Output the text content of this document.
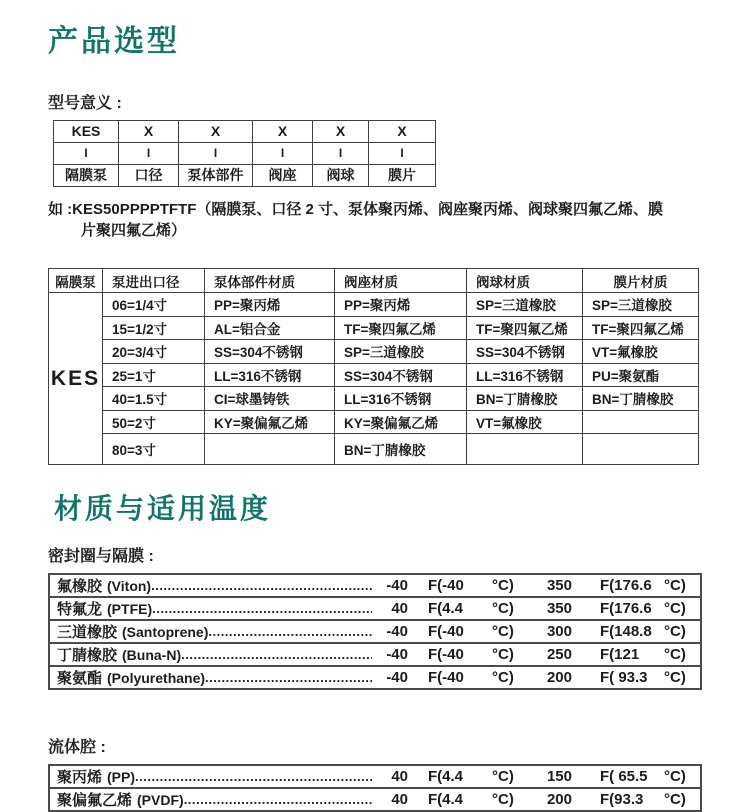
产品选型
型号意义 :
KES	X	X	X	X	X
I	I	I	I	I	I
隔膜泵	口径	泵体部件	阀座	阀球	膜片
如 :KES50PPPPTFTF（隔膜泵、口径 2 寸、泵体聚丙烯、阀座聚丙烯、阀球聚四氟乙烯、膜
片聚四氟乙烯）
隔膜泵	泵进出口径	泵体部件材质	阀座材质	阀球材质	膜片材质
KES	06=1/4寸	PP=聚丙烯	PP=聚丙烯	SP=三道橡胶	SP=三道橡胶
	15=1/2寸	AL=铝合金	TF=聚四氟乙烯	TF=聚四氟乙烯	TF=聚四氟乙烯
	20=3/4寸	SS=304不锈钢	SP=三道橡胶	SS=304不锈钢	VT=氟橡胶
	25=1寸	LL=316不锈钢	SS=304不锈钢	LL=316不锈钢	PU=聚氨酯
	40=1.5寸	CI=球墨铸铁	LL=316不锈钢	BN=丁腈橡胶	BN=丁腈橡胶
	50=2寸	KY=聚偏氟乙烯	KY=聚偏氟乙烯	VT=氟橡胶	
	80=3寸		BN=丁腈橡胶		
材质与适用温度
密封圈与隔膜 :
氟橡胶 (Viton) .....	-40 F(-40	°C)	350 F(176.6 °C)
特氟龙 (PTFE) .....	40 F(4.4	°C)	350 F(176.6 °C)
三道橡胶 (Santoprene) .....	-40 F(-40	°C)	300 F(148.8 °C)
丁腈橡胶 (Buna-N) .....	-40 F(-40	°C)	250 F(121	°C)
聚氨酯 (Polyurethane) .....	-40 F(-40	°C)	200 F( 93.3	°C)
流体腔 :
聚丙烯 (PP) .....	40 F(4.4	°C)	150 F( 65.5	°C)
聚偏氟乙烯 (PVDF) .....	40 F(4.4	°C)	200 F(93.3	°C)
